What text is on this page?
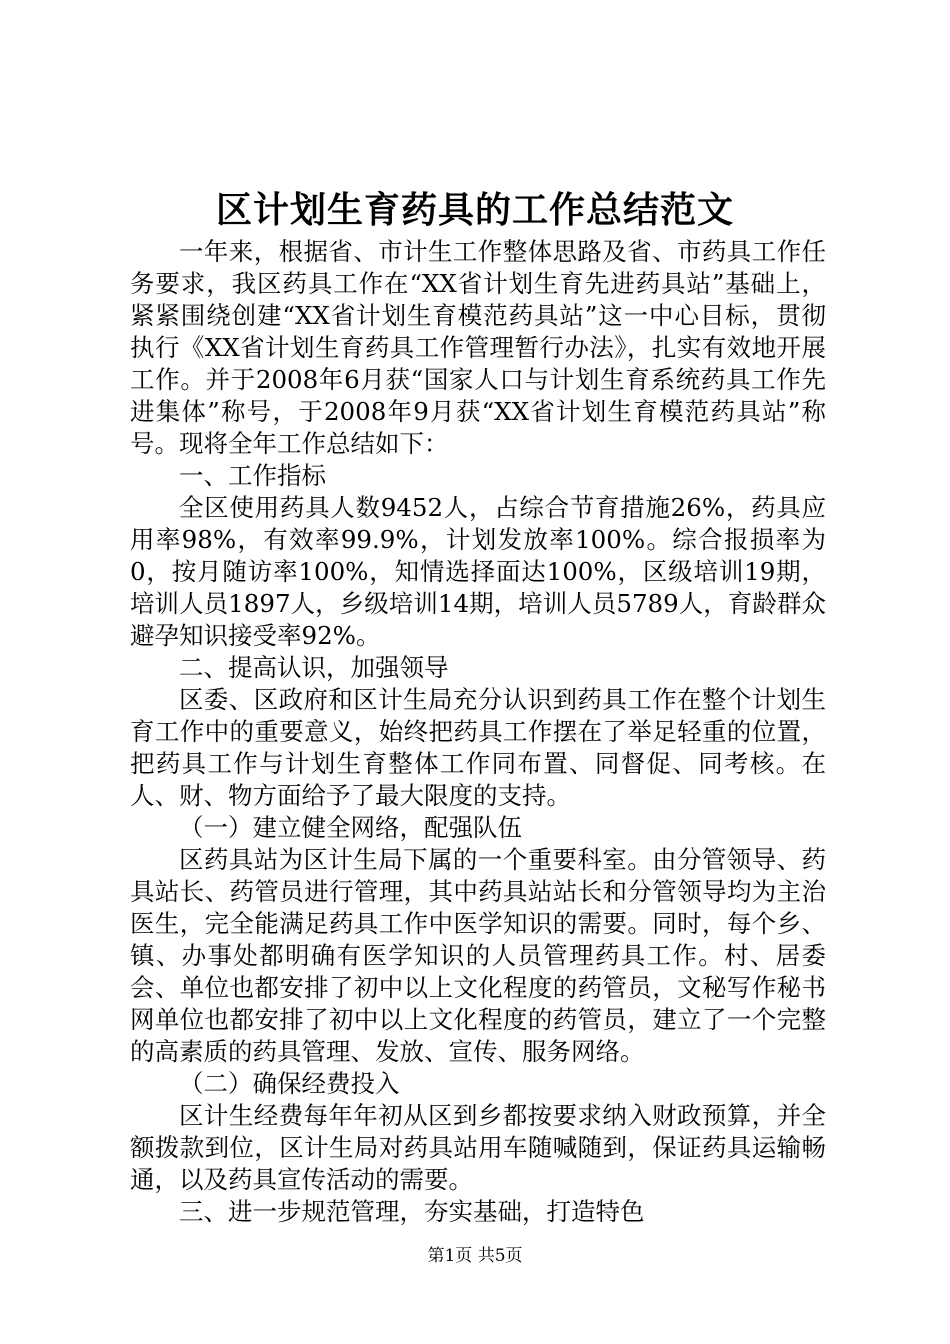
区计划生育药具的工作总结范文

一年来，根据省、市计生工作整体思路及省、市药具工作任务要求，我区药具工作在“XX省计划生育先进药具站”基础上，紧紧围绕创建“XX省计划生育模范药具站”这一中心目标，贯彻执行《XX省计划生育药具工作管理暂行办法》，扎实有效地开展工作。并于2008年6月获“国家人口与计划生育系统药具工作先进集体”称号，于2008年9月获“XX省计划生育模范药具站”称号。现将全年工作总结如下：

一、工作指标

全区使用药具人数9452人，占综合节育措施26%，药具应用率98%，有效率99.9%，计划发放率100%。综合报损率为0，按月随访率100%，知情选择面达100%，区级培训19期，培训人员1897人，乡级培训14期，培训人员5789人，育龄群众避孕知识接受率92%。

二、提高认识，加强领导

区委、区政府和区计生局充分认识到药具工作在整个计划生育工作中的重要意义，始终把药具工作摆在了举足轻重的位置，把药具工作与计划生育整体工作同布置、同督促、同考核。在人、财、物方面给予了最大限度的支持。

（一）建立健全网络，配强队伍

区药具站为区计生局下属的一个重要科室。由分管领导、药具站长、药管员进行管理，其中药具站站长和分管领导均为主治医生，完全能满足药具工作中医学知识的需要。同时，每个乡、镇、办事处都明确有医学知识的人员管理药具工作。村、居委会、单位也都安排了初中以上文化程度的药管员，文秘写作秘书网单位也都安排了初中以上文化程度的药管员，建立了一个完整的高素质的药具管理、发放、宣传、服务网络。

（二）确保经费投入

区计生经费每年年初从区到乡都按要求纳入财政预算，并全额拨款到位，区计生局对药具站用车随喊随到，保证药具运输畅通，以及药具宣传活动的需要。

三、进一步规范管理，夯实基础，打造特色

第1页 共5页
